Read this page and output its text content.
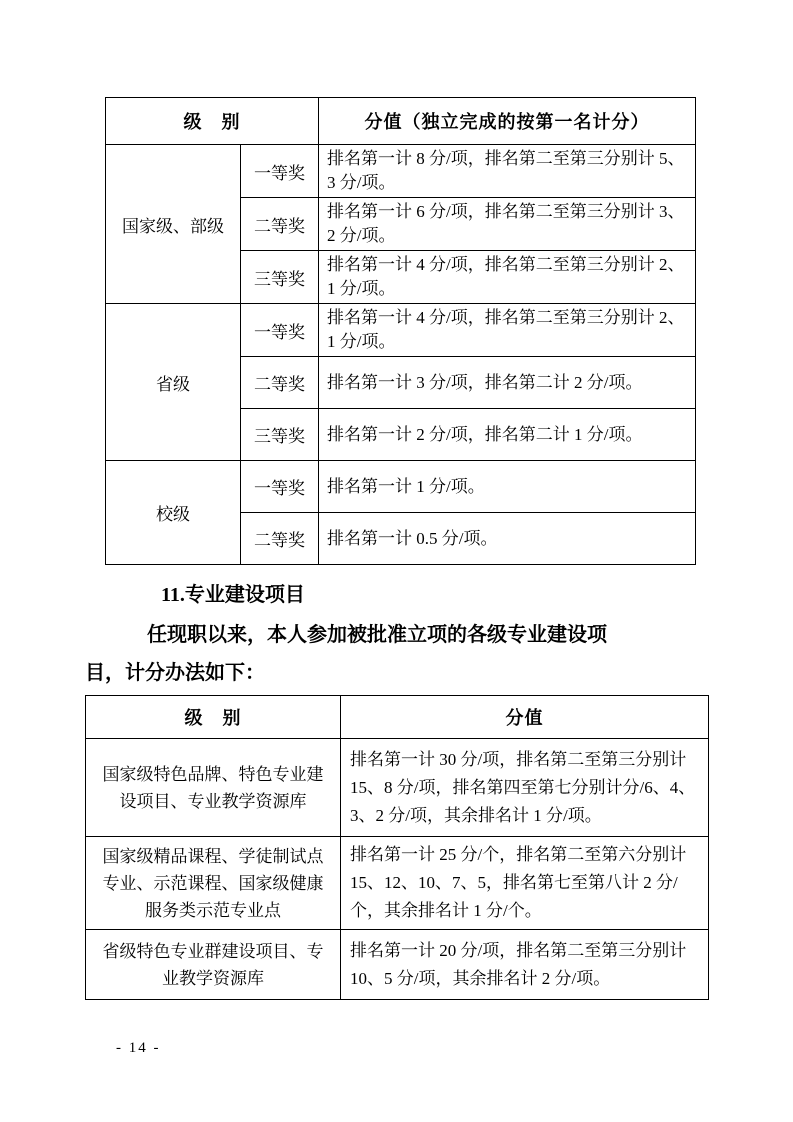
级　别		分值（独立完成的按第一名计分）
国家级、部级	一等奖	排名第一计 8 分/项，排名第二至第三分别计 5、3 分/项。
	二等奖	排名第一计 6 分/项，排名第二至第三分别计 3、2 分/项。
	三等奖	排名第一计 4 分/项，排名第二至第三分别计 2、1 分/项。
省级	一等奖	排名第一计 4 分/项，排名第二至第三分别计 2、1 分/项。
	二等奖	排名第一计 3 分/项，排名第二计 2 分/项。
	三等奖	排名第一计 2 分/项，排名第二计 1 分/项。
校级	一等奖	排名第一计 1 分/项。
	二等奖	排名第一计 0.5 分/项。
11.专业建设项目

任现职以来，本人参加被批准立项的各级专业建设项
目，计分办法如下：

级　别	分值
国家级特色品牌、特色专业建设项目、专业教学资源库	排名第一计 30 分/项，排名第二至第三分别计 15、8 分/项，排名第四至第七分别计分/6、4、3、2 分/项，其余排名计 1 分/项。
国家级精品课程、学徒制试点专业、示范课程、国家级健康服务类示范专业点	排名第一计 25 分/个，排名第二至第六分别计 15、12、10、7、5，排名第七至第八计 2 分/个，其余排名计 1 分/个。
省级特色专业群建设项目、专业教学资源库	排名第一计 20 分/项，排名第二至第三分别计 10、5 分/项，其余排名计 2 分/项。
- 14 -
